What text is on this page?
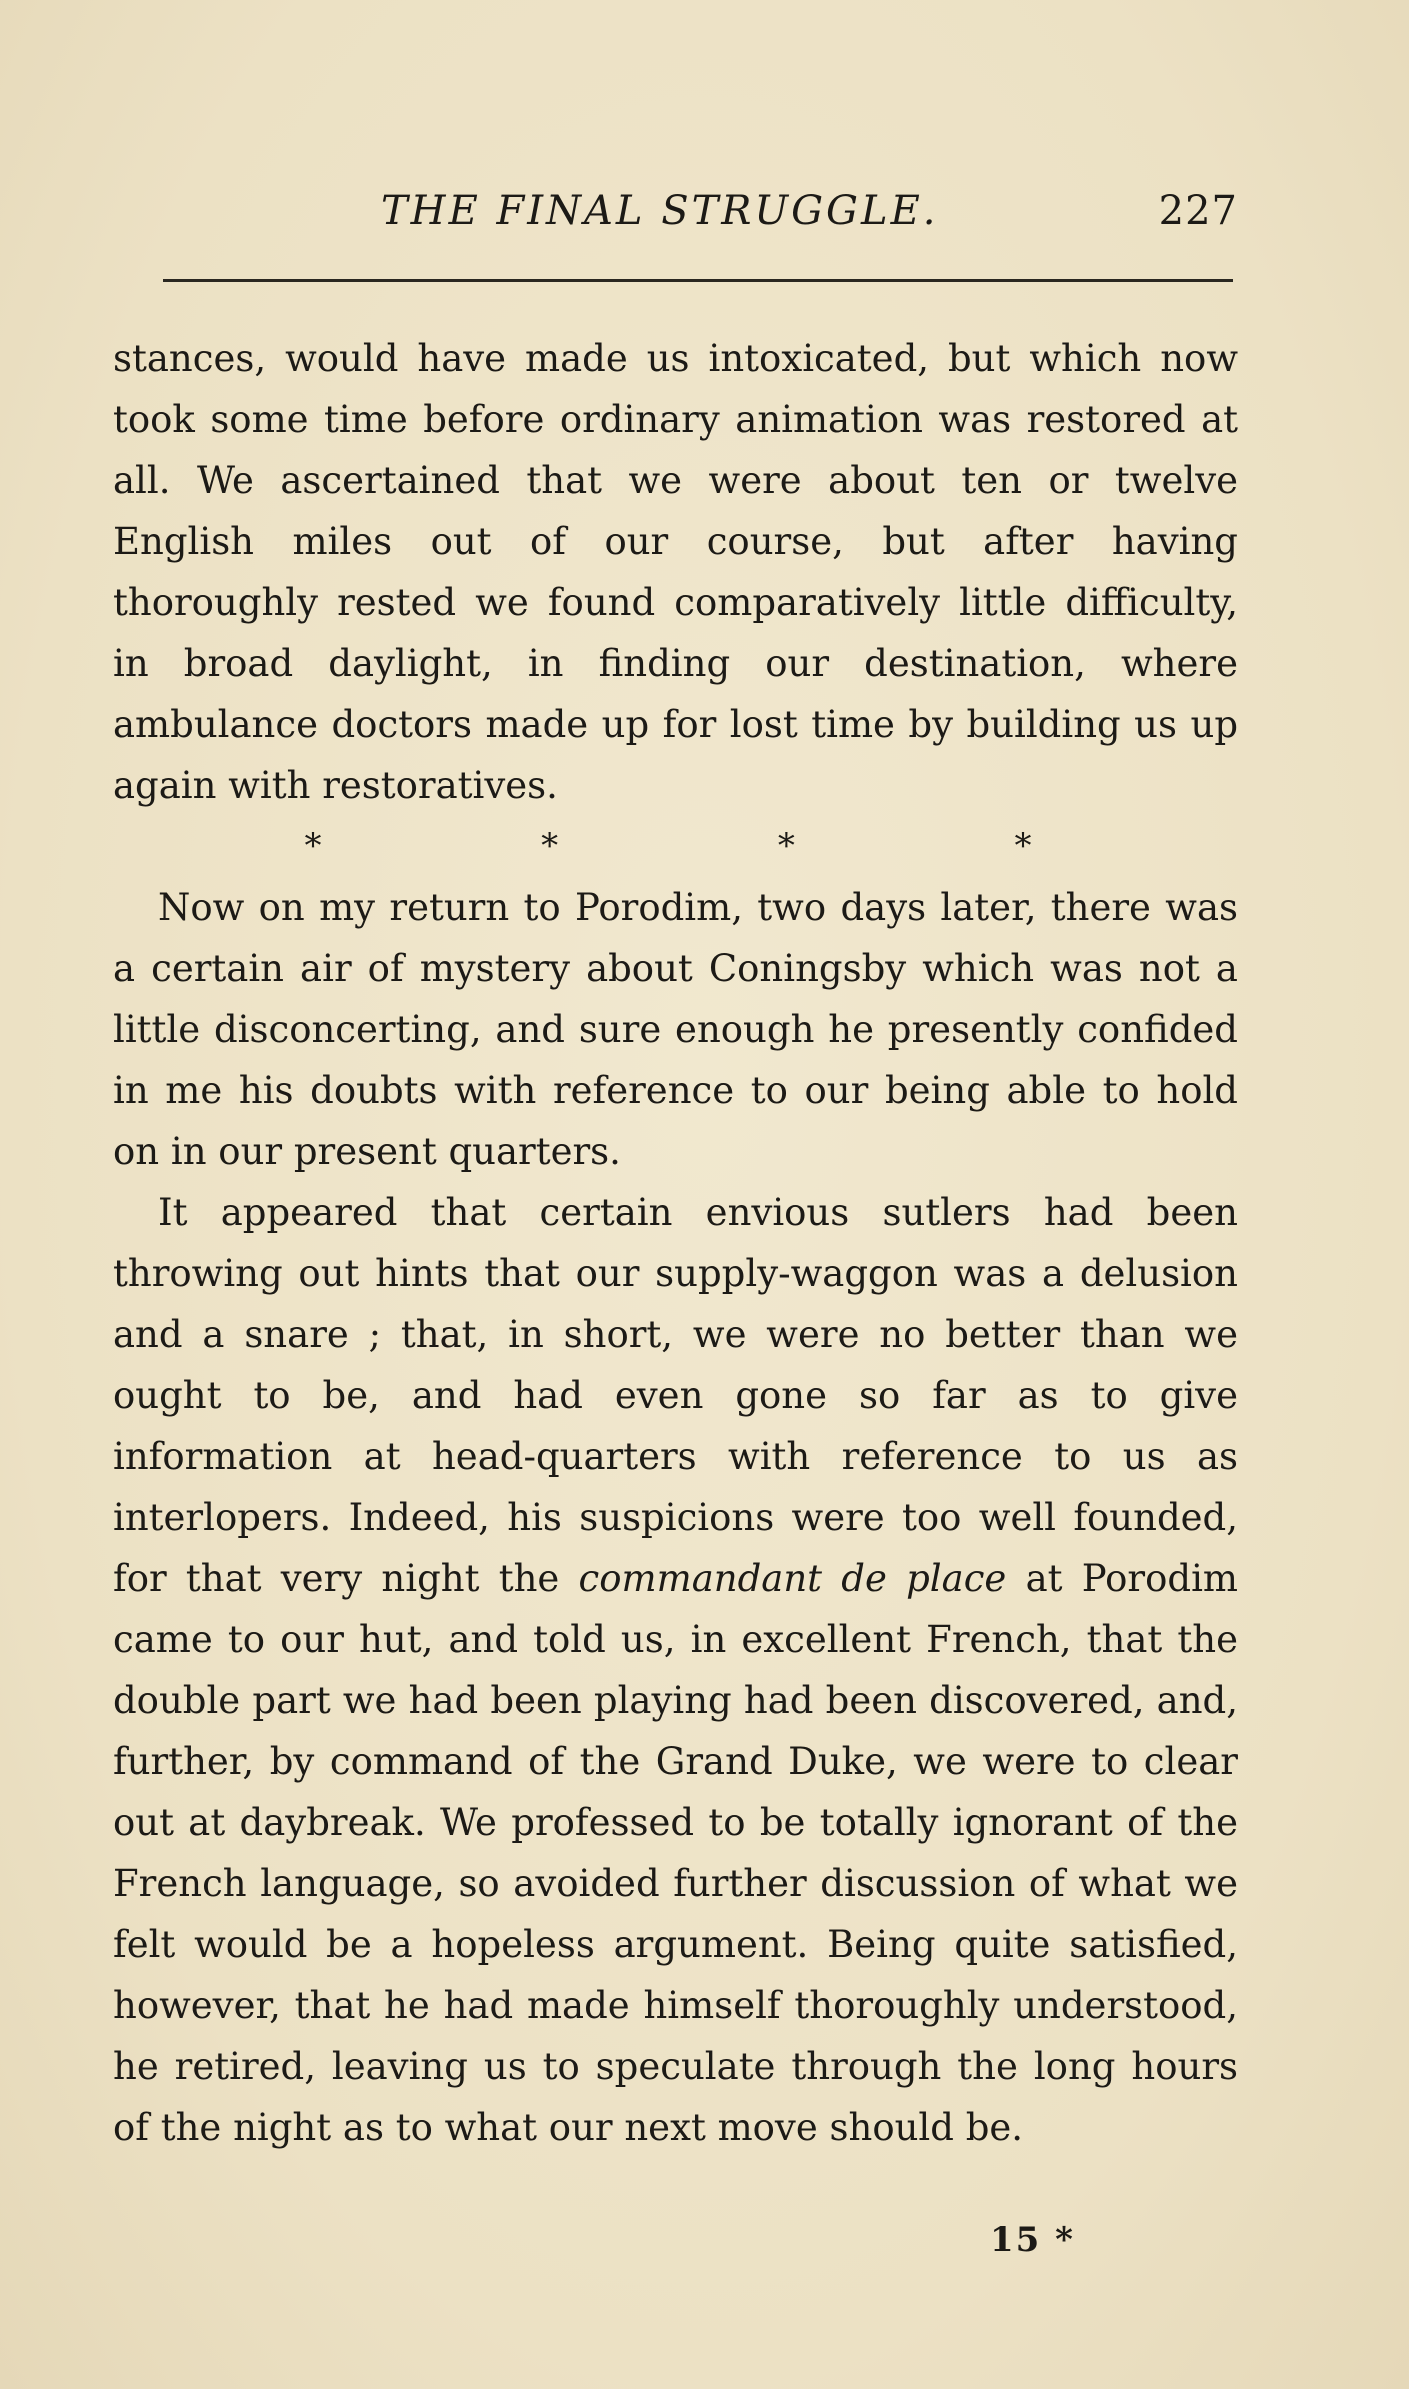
THE FINAL STRUGGLE.	227

stances, would have made us intoxicated, but which now took some time before ordinary animation was restored at all. We ascertained that we were about ten or twelve English miles out of our course, but after having thoroughly rested we found comparatively little difficulty, in broad daylight, in finding our destination, where ambulance doctors made up for lost time by building us up again with restoratives.

*	*	*	*

Now on my return to Porodim, two days later, there was a certain air of mystery about Coningsby which was not a little disconcerting, and sure enough he presently confided in me his doubts with reference to our being able to hold on in our present quarters.

It appeared that certain envious sutlers had been throwing out hints that our supply-waggon was a delusion and a snare ; that, in short, we were no better than we ought to be, and had even gone so far as to give information at head-quarters with reference to us as interlopers. Indeed, his suspicions were too well founded, for that very night the commandant de place at Porodim came to our hut, and told us, in excellent French, that the double part we had been playing had been discovered, and, further, by command of the Grand Duke, we were to clear out at daybreak. We professed to be totally ignorant of the French language, so avoided further discussion of what we felt would be a hopeless argument. Being quite satisfied, however, that he had made himself thoroughly understood, he retired, leaving us to speculate through the long hours of the night as to what our next move should be.

15 *
